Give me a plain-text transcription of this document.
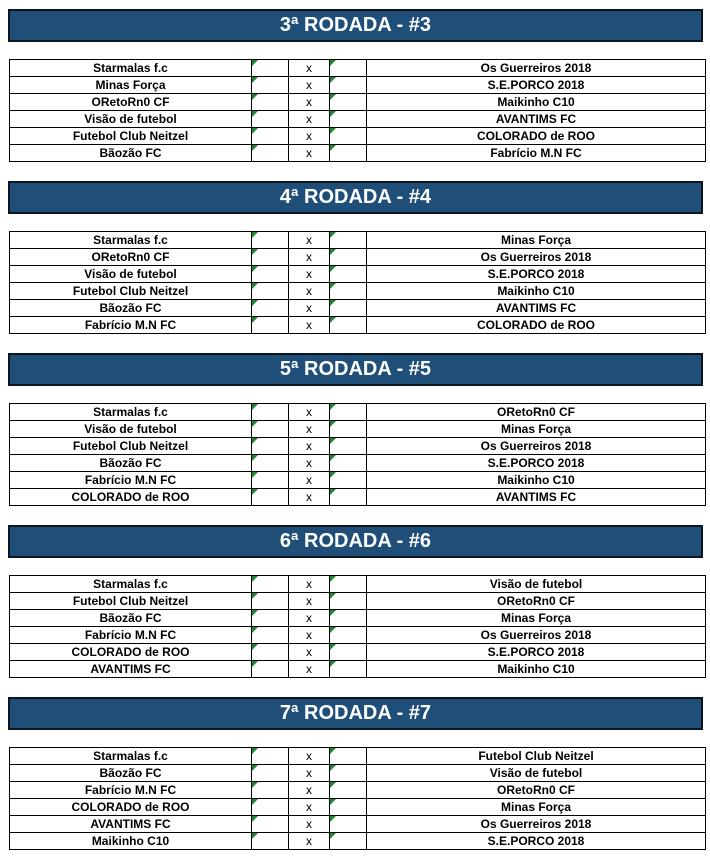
3ª RODADA - #3
Starmalas f.c		x		Os Guerreiros 2018
Minas Força		x		S.E.PORCO 2018
ORetoRn0 CF		x		Maikinho C10
Visão de futebol		x		AVANTIMS FC
Futebol Club Neitzel		x		COLORADO de ROO
Bãozão FC		x		Fabrício M.N FC
4ª RODADA - #4
Starmalas f.c		x		Minas Força
ORetoRn0 CF		x		Os Guerreiros 2018
Visão de futebol		x		S.E.PORCO 2018
Futebol Club Neitzel		x		Maikinho C10
Bãozão FC		x		AVANTIMS FC
Fabrício M.N FC		x		COLORADO de ROO
5ª RODADA - #5
Starmalas f.c		x		ORetoRn0 CF
Visão de futebol		x		Minas Força
Futebol Club Neitzel		x		Os Guerreiros 2018
Bãozão FC		x		S.E.PORCO 2018
Fabrício M.N FC		x		Maikinho C10
COLORADO de ROO		x		AVANTIMS FC
6ª RODADA - #6
Starmalas f.c		x		Visão de futebol
Futebol Club Neitzel		x		ORetoRn0 CF
Bãozão FC		x		Minas Força
Fabrício M.N FC		x		Os Guerreiros 2018
COLORADO de ROO		x		S.E.PORCO 2018
AVANTIMS FC		x		Maikinho C10
7ª RODADA - #7
Starmalas f.c		x		Futebol Club Neitzel
Bãozão FC		x		Visão de futebol
Fabrício M.N FC		x		ORetoRn0 CF
COLORADO de ROO		x		Minas Força
AVANTIMS FC		x		Os Guerreiros 2018
Maikinho C10		x		S.E.PORCO 2018
